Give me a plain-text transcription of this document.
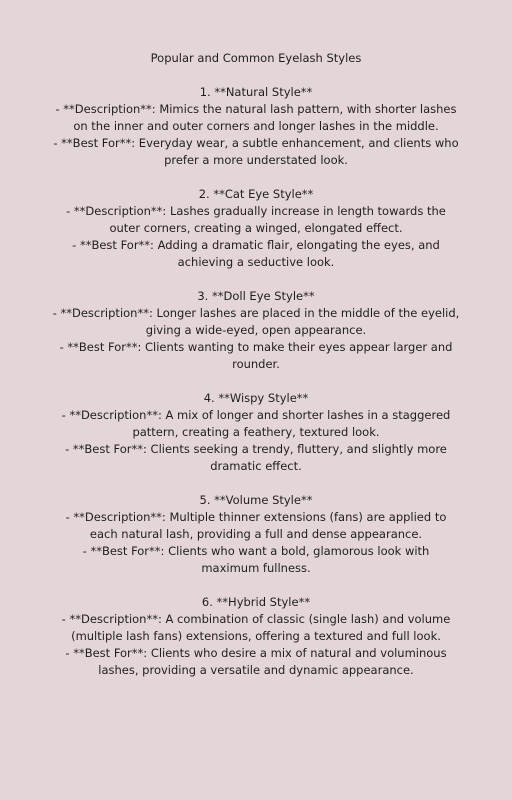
Popular and Common Eyelash Styles
1. **Natural Style**
- **Description**: Mimics the natural lash pattern, with shorter lashes on the inner and outer corners and longer lashes in the middle.
- **Best For**: Everyday wear, a subtle enhancement, and clients who prefer a more understated look.
2. **Cat Eye Style**
- **Description**: Lashes gradually increase in length towards the outer corners, creating a winged, elongated effect.
- **Best For**: Adding a dramatic flair, elongating the eyes, and achieving a seductive look.
3. **Doll Eye Style**
- **Description**: Longer lashes are placed in the middle of the eyelid, giving a wide-eyed, open appearance.
- **Best For**: Clients wanting to make their eyes appear larger and rounder.
4. **Wispy Style**
- **Description**: A mix of longer and shorter lashes in a staggered pattern, creating a feathery, textured look.
- **Best For**: Clients seeking a trendy, fluttery, and slightly more dramatic effect.
5. **Volume Style**
- **Description**: Multiple thinner extensions (fans) are applied to each natural lash, providing a full and dense appearance.
- **Best For**: Clients who want a bold, glamorous look with maximum fullness.
6. **Hybrid Style**
- **Description**: A combination of classic (single lash) and volume (multiple lash fans) extensions, offering a textured and full look.
- **Best For**: Clients who desire a mix of natural and voluminous lashes, providing a versatile and dynamic appearance.
